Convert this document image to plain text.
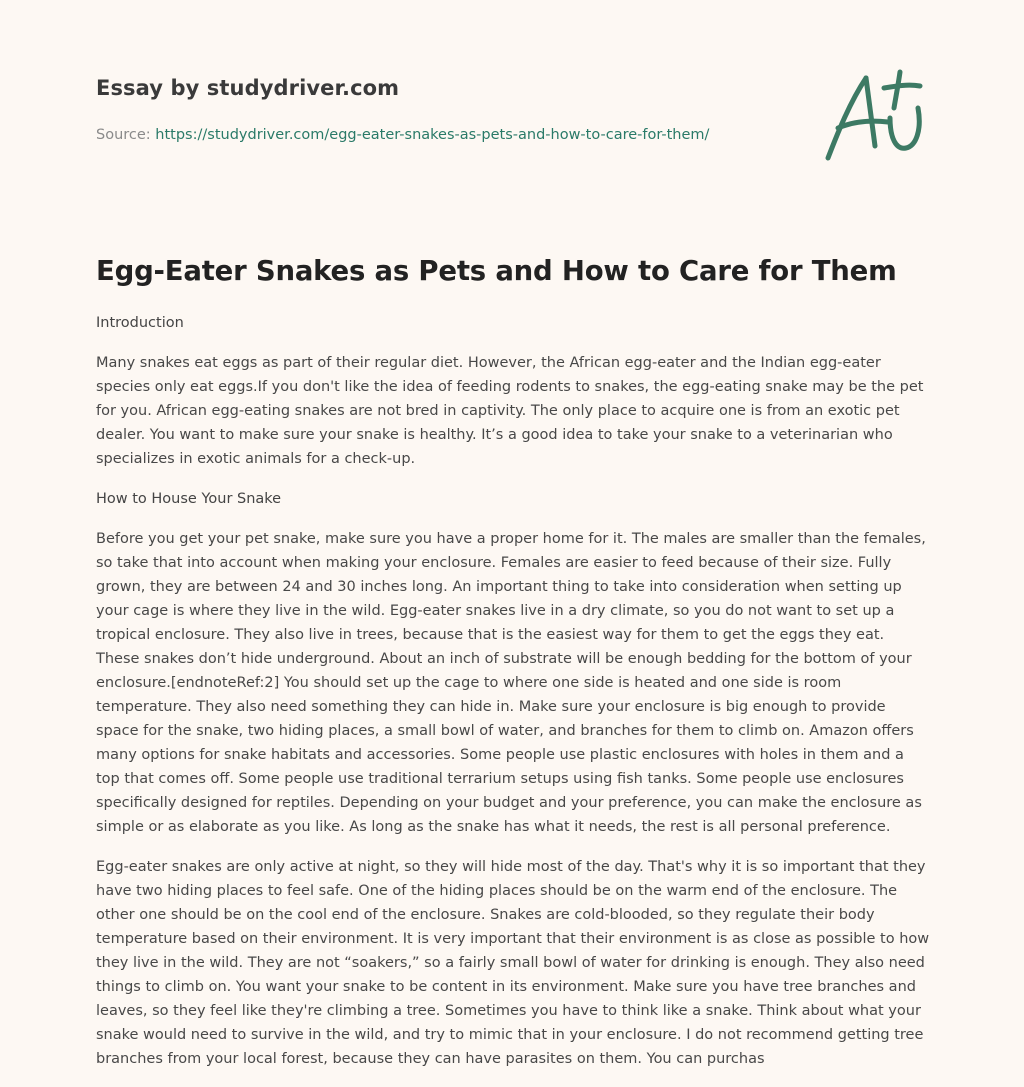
Essay by studydriver.com
Source: https://studydriver.com/egg-eater-snakes-as-pets-and-how-to-care-for-them/
Egg-Eater Snakes as Pets and How to Care for Them
Introduction

Many snakes eat eggs as part of their regular diet. However, the African egg-eater and the Indian egg-eater species only eat eggs.If you don't like the idea of feeding rodents to snakes, the egg-eating snake may be the pet for you. African egg-eating snakes are not bred in captivity. The only place to acquire one is from an exotic pet dealer. You want to make sure your snake is healthy. It’s a good idea to take your snake to a veterinarian who specializes in exotic animals for a check-up.

How to House Your Snake

Before you get your pet snake, make sure you have a proper home for it. The males are smaller than the females, so take that into account when making your enclosure. Females are easier to feed because of their size. Fully grown, they are between 24 and 30 inches long. An important thing to take into consideration when setting up your cage is where they live in the wild. Egg-eater snakes live in a dry climate, so you do not want to set up a tropical enclosure. They also live in trees, because that is the easiest way for them to get the eggs they eat. These snakes don’t hide underground. About an inch of substrate will be enough bedding for the bottom of your enclosure.[endnoteRef:2] You should set up the cage to where one side is heated and one side is room temperature. They also need something they can hide in. Make sure your enclosure is big enough to provide space for the snake, two hiding places, a small bowl of water, and branches for them to climb on. Amazon offers many options for snake habitats and accessories. Some people use plastic enclosures with holes in them and a top that comes off. Some people use traditional terrarium setups using fish tanks. Some people use enclosures specifically designed for reptiles. Depending on your budget and your preference, you can make the enclosure as simple or as elaborate as you like. As long as the snake has what it needs, the rest is all personal preference.

Egg-eater snakes are only active at night, so they will hide most of the day. That's why it is so important that they have two hiding places to feel safe. One of the hiding places should be on the warm end of the enclosure. The other one should be on the cool end of the enclosure. Snakes are cold-blooded, so they regulate their body temperature based on their environment. It is very important that their environment is as close as possible to how they live in the wild. They are not “soakers,” so a fairly small bowl of water for drinking is enough. They also need things to climb on. You want your snake to be content in its environment. Make sure you have tree branches and leaves, so they feel like they're climbing a tree. Sometimes you have to think like a snake. Think about what your snake would need to survive in the wild, and try to mimic that in your enclosure. I do not recommend getting tree branches from your local forest, because they can have parasites on them. You can purchas
